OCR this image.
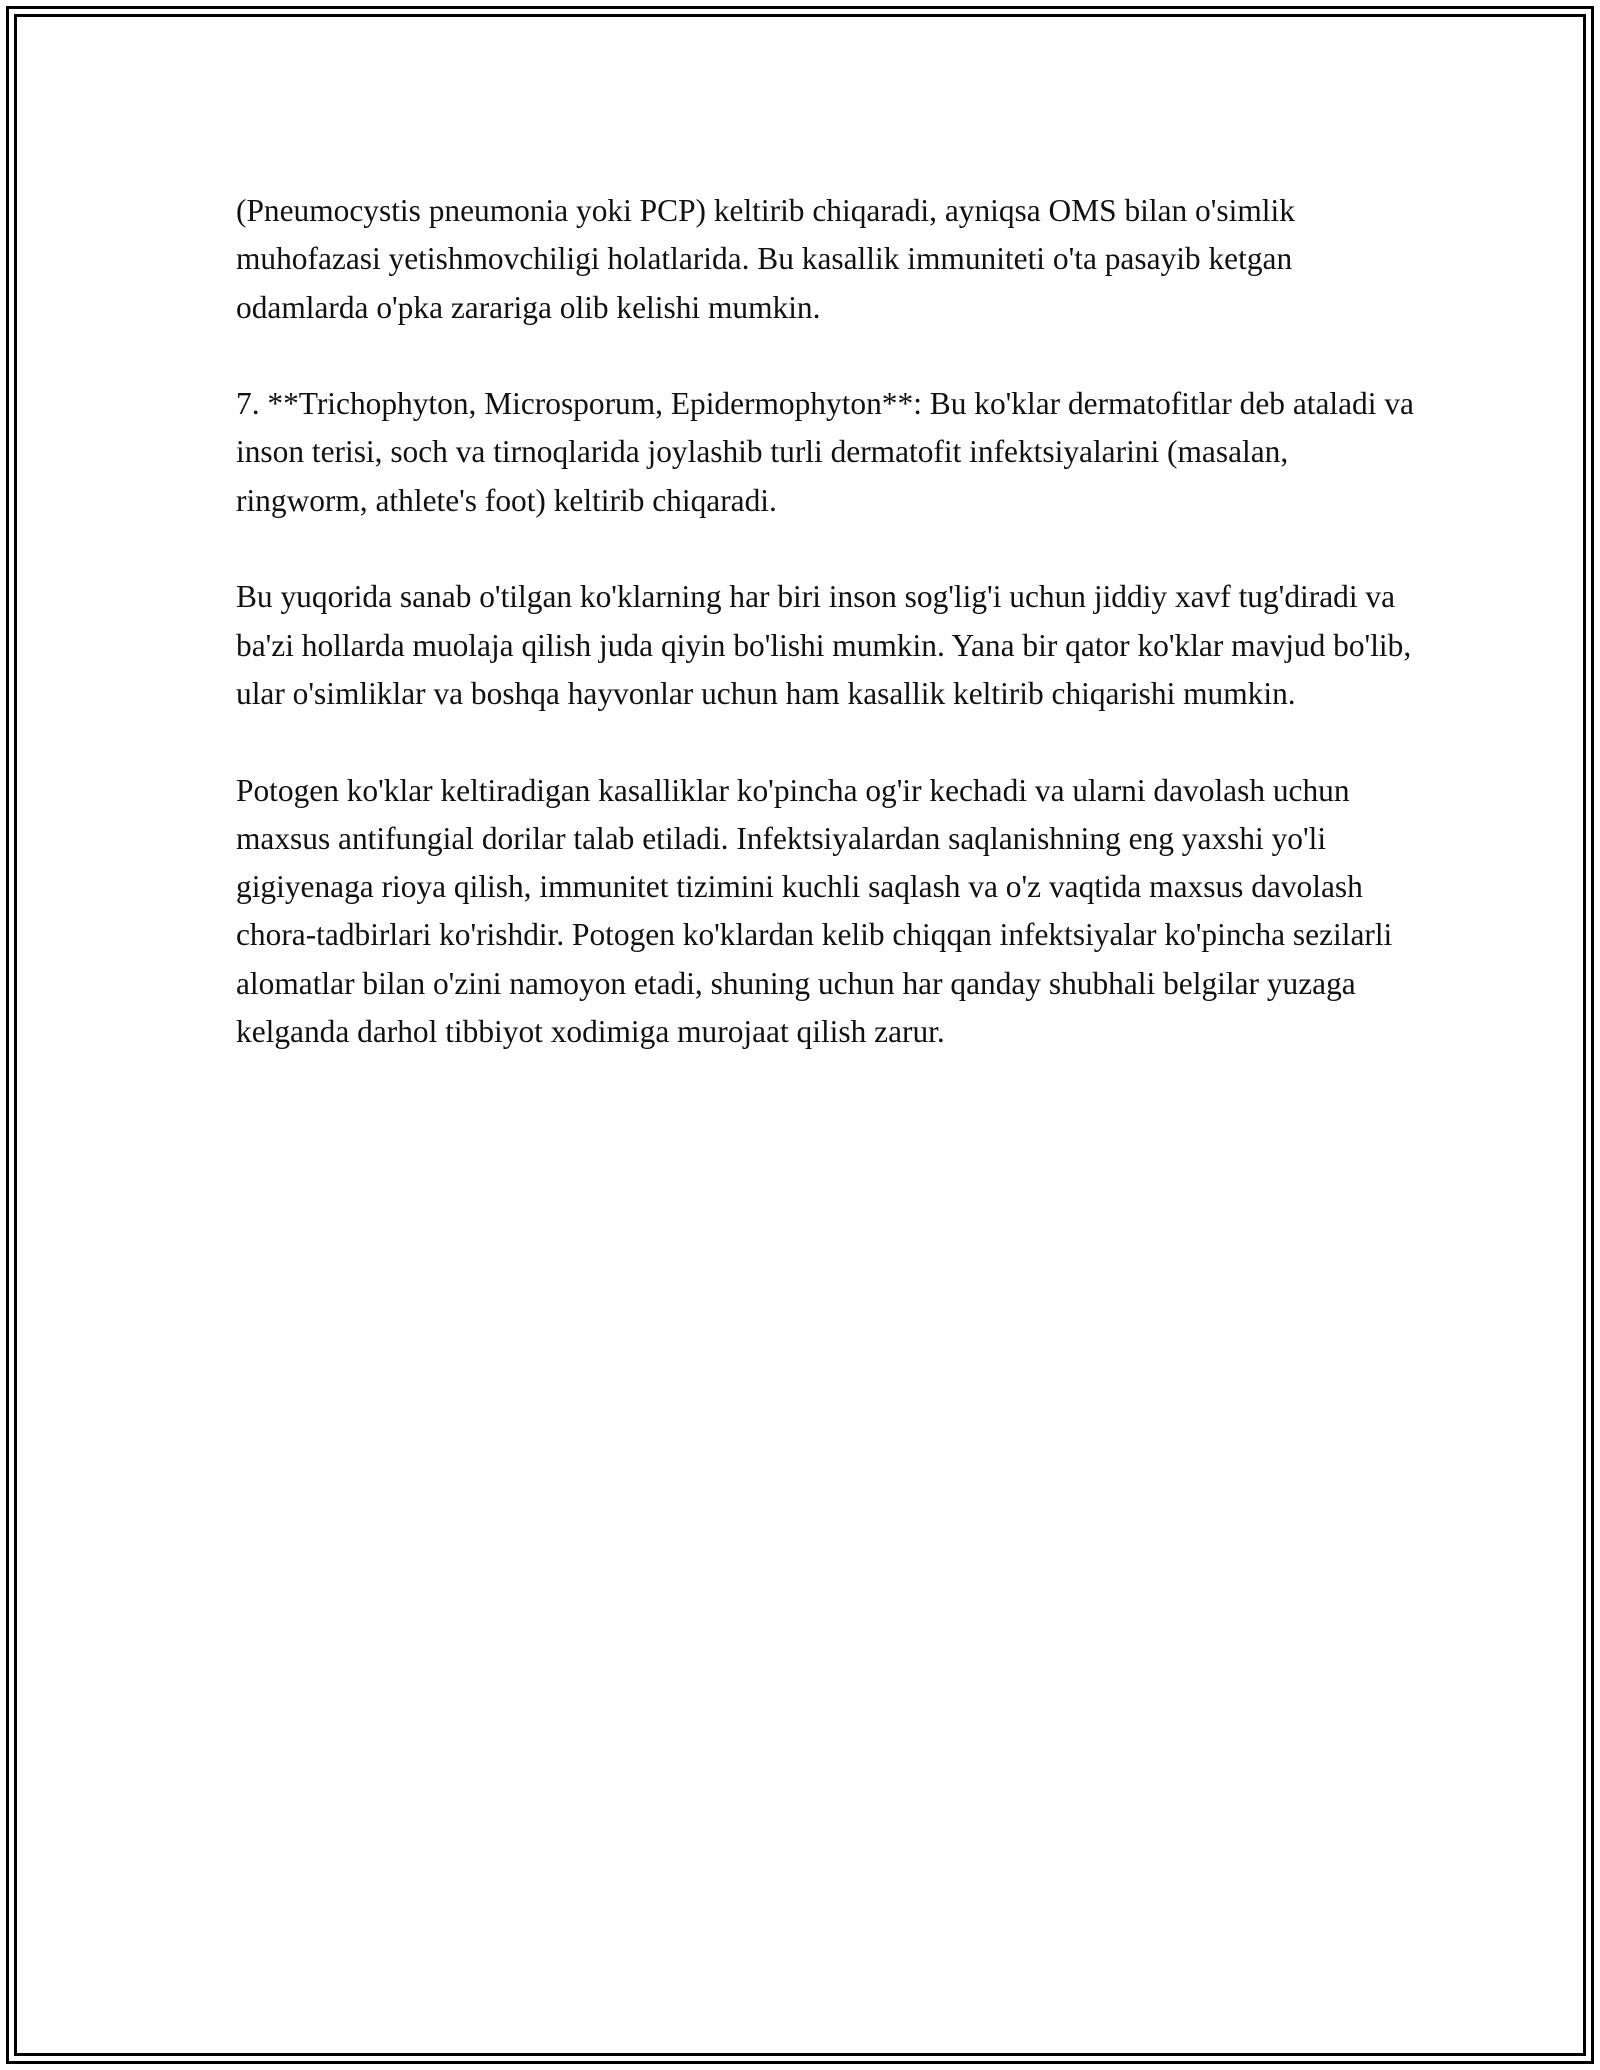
(Pneumocystis pneumonia yoki PCP) keltirib chiqaradi, ayniqsa OMS bilan o'simlik muhofazasi yetishmovchiligi holatlarida. Bu kasallik immuniteti o'ta pasayib ketgan odamlarda o'pka zarariga olib kelishi mumkin.

7. **Trichophyton, Microsporum, Epidermophyton**: Bu ko'klar dermatofitlar deb ataladi va inson terisi, soch va tirnoqlarida joylashib turli dermatofit infektsiyalarini (masalan, ringworm, athlete's foot) keltirib chiqaradi.

Bu yuqorida sanab o'tilgan ko'klarning har biri inson sog'lig'i uchun jiddiy xavf tug'diradi va ba'zi hollarda muolaja qilish juda qiyin bo'lishi mumkin. Yana bir qator ko'klar mavjud bo'lib, ular o'simliklar va boshqa hayvonlar uchun ham kasallik keltirib chiqarishi mumkin.

Potogen ko'klar keltiradigan kasalliklar ko'pincha og'ir kechadi va ularni davolash uchun maxsus antifungial dorilar talab etiladi. Infektsiyalardan saqlanishning eng yaxshi yo'li gigiyenaga rioya qilish, immunitet tizimini kuchli saqlash va o'z vaqtida maxsus davolash chora-tadbirlari ko'rishdir. Potogen ko'klardan kelib chiqqan infektsiyalar ko'pincha sezilarli alomatlar bilan o'zini namoyon etadi, shuning uchun har qanday shubhali belgilar yuzaga kelganda darhol tibbiyot xodimiga murojaat qilish zarur.
